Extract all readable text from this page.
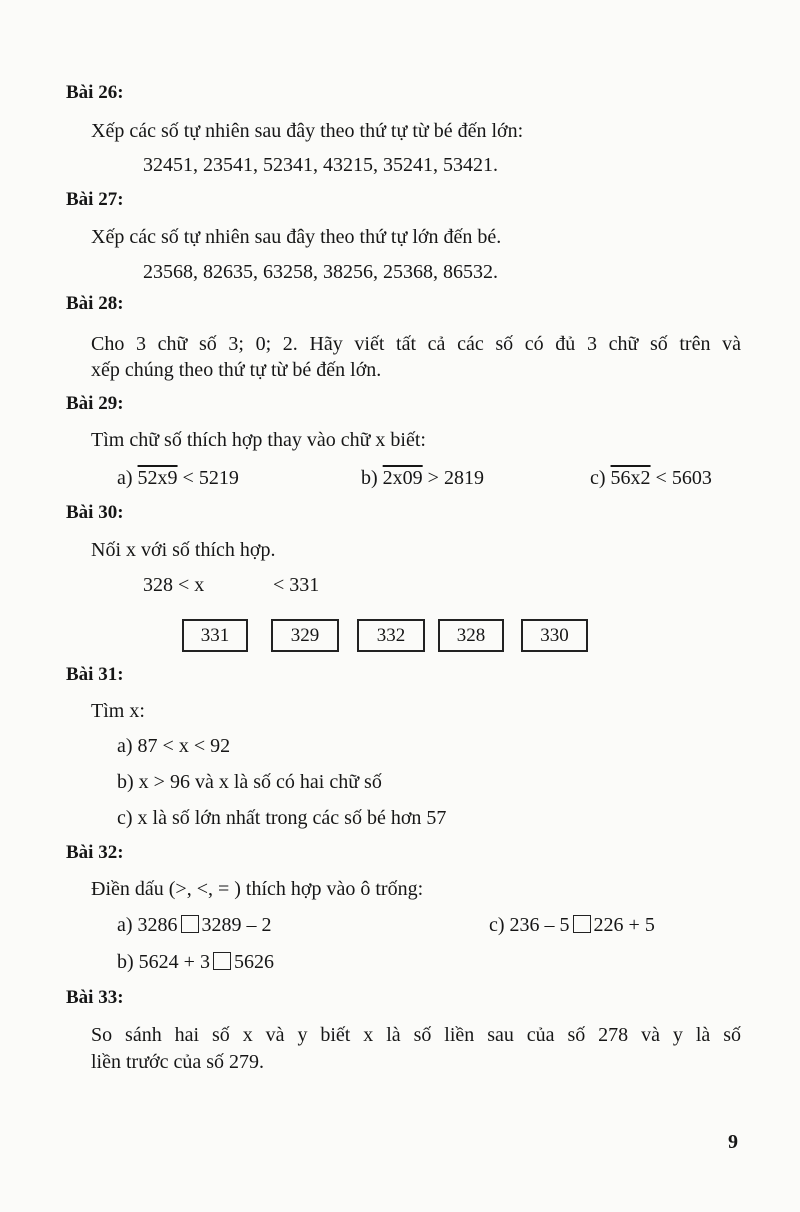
Bài 26:
Xếp các số tự nhiên sau đây theo thứ tự từ bé đến lớn:
32451, 23541, 52341, 43215, 35241, 53421.
Bài 27:
Xếp các số tự nhiên sau đây theo thứ tự lớn đến bé.
23568, 82635, 63258, 38256, 25368, 86532.
Bài 28:
Cho 3 chữ số 3; 0; 2. Hãy viết tất cả các số có đủ 3 chữ số trên và
xếp chúng theo thứ tự từ bé đến lớn.
Bài 29:
Tìm chữ số thích hợp thay vào chữ x biết:
a) 52x9 < 5219	b) 2x09 > 2819	c) 56x2 < 5603
Bài 30:
Nối x với số thích hợp.
328 < x	< 331
331	329	332	328	330
Bài 31:
Tìm x:
a) 87 < x < 92
b) x > 96 và x là số có hai chữ số
c) x là số lớn nhất trong các số bé hơn 57
Bài 32:
Điền dấu (>, <, = ) thích hợp vào ô trống:
a) 3286 3289 – 2	c) 236 – 5 226 + 5
b) 5624 + 3 5626
Bài 33:
So sánh hai số x và y biết x là số liền sau của số 278 và y là số
liền trước của số 279.
9
